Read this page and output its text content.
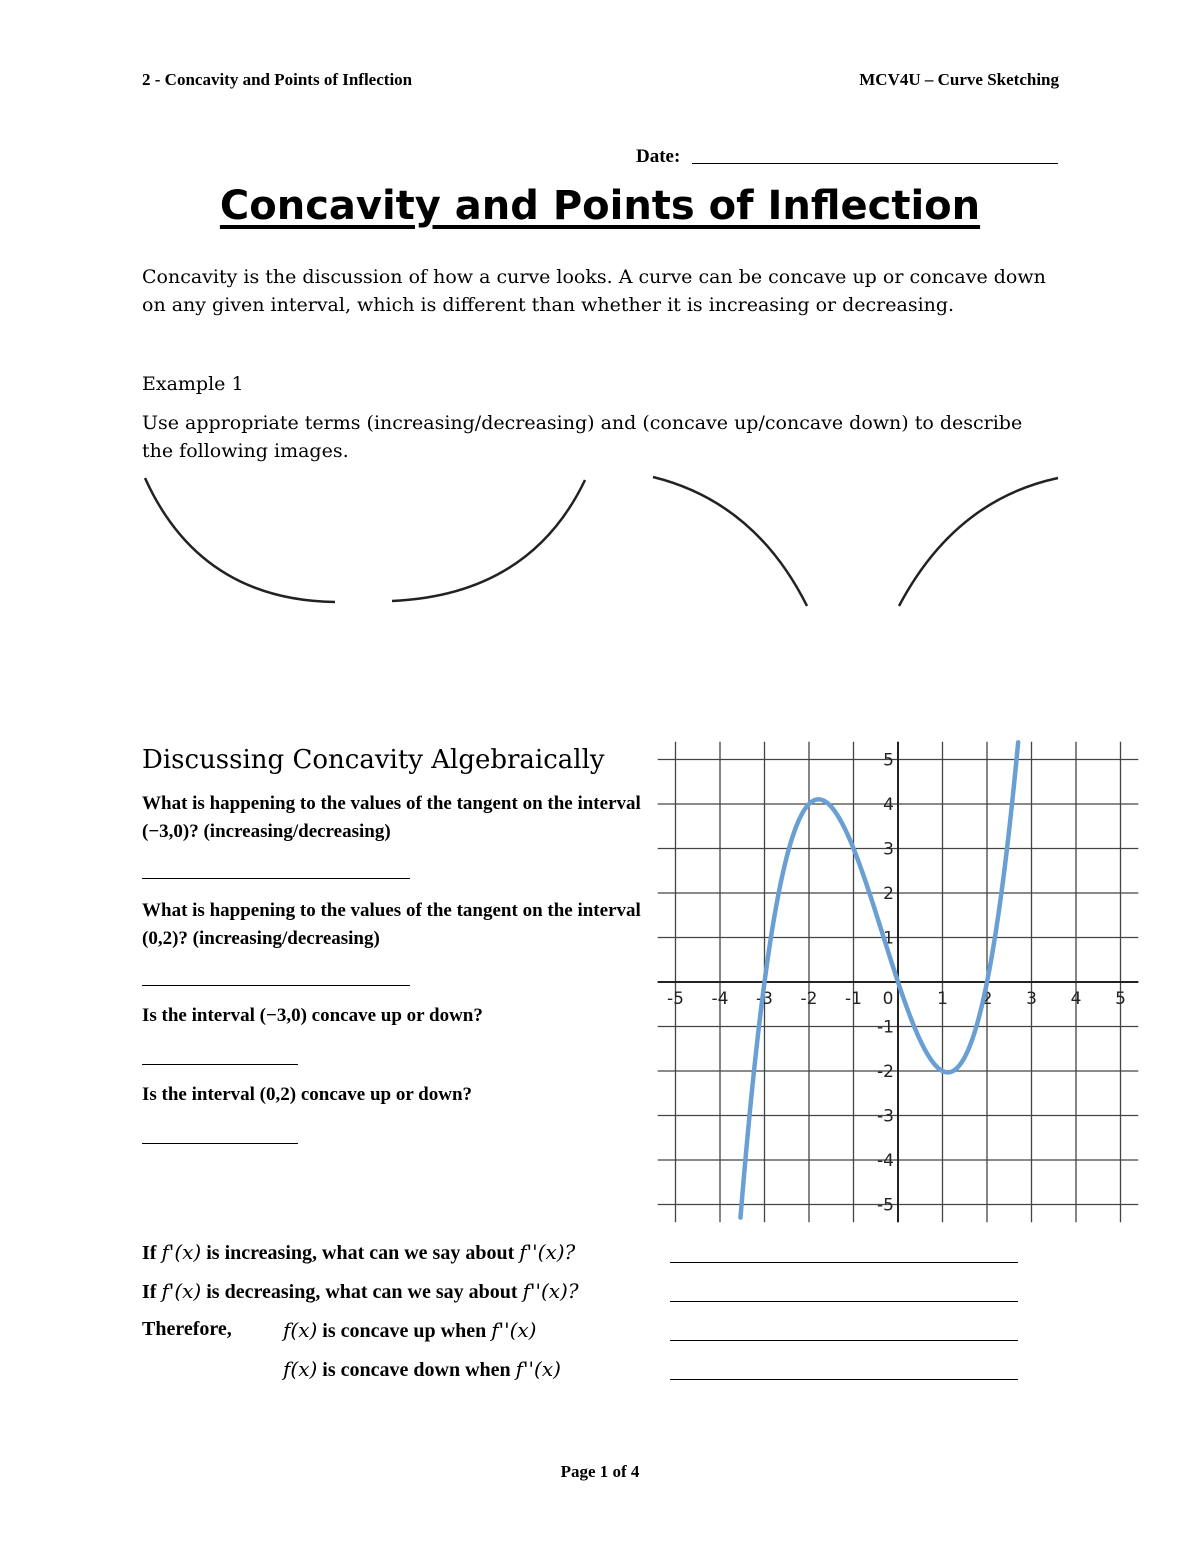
2 - Concavity and Points of Inflection	MCV4U – Curve Sketching
Date:
Concavity and Points of Inflection
Concavity is the discussion of how a curve looks. A curve can be concave up or concave down on any given interval, which is different than whether it is increasing or decreasing.
Example 1
Use appropriate terms (increasing/decreasing) and (concave up/concave down) to describe the following images.
Discussing Concavity Algebraically
What is happening to the values of the tangent on the interval (−3,0)? (increasing/decreasing)
What is happening to the values of the tangent on the interval (0,2)? (increasing/decreasing)
Is the interval (−3,0) concave up or down?
Is the interval (0,2) concave up or down?
-5 -4 -3 -2 -1 0	1 2 3 4 5
5
4
3
2
1
-1
-2
-3
-4
-5
If f'(x) is increasing, what can we say about f''(x)?
If f'(x) is decreasing, what can we say about f''(x)?
Therefore,	f(x) is concave up when f''(x)
f(x) is concave down when f''(x)
Page 1 of 4
